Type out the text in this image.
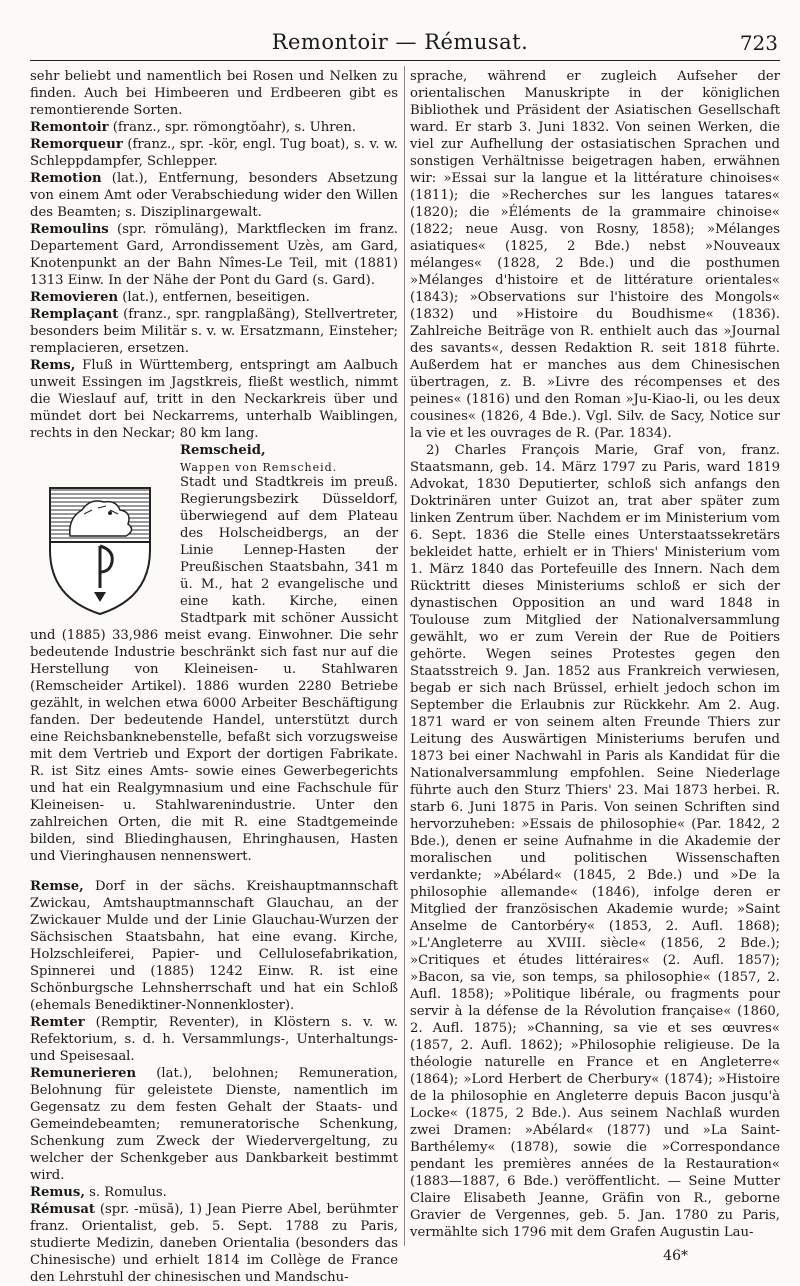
Remontoir — Rémusat.	723

sehr beliebt und namentlich bei Rosen und Nelken zu finden. Auch bei Himbeeren und Erdbeeren gibt es remontierende Sorten.

Remontoir (franz., spr. römongtŏahr), s. Uhren.

Remorqueur (franz., spr. -kör, engl. Tug boat), s. v. w. Schleppdampfer, Schlepper.

Remotion (lat.), Entfernung, besonders Absetzung von einem Amt oder Verabschiedung wider den Willen des Beamten; s. Disziplinargewalt.

Remoulins (spr. römuläng), Marktflecken im franz. Departement Gard, Arrondissement Uzès, am Gard, Knotenpunkt an der Bahn Nîmes-Le Teil, mit (1881) 1313 Einw. In der Nähe der Pont du Gard (s. Gard).

Removieren (lat.), entfernen, beseitigen.

Remplaçant (franz., spr. rangplaßäng), Stellvertreter, besonders beim Militär s. v. w. Ersatzmann, Einsteher; remplacieren, ersetzen.

Rems, Fluß in Württemberg, entspringt am Aalbuch unweit Essingen im Jagstkreis, fließt westlich, nimmt die Wieslauf auf, tritt in den Neckarkreis über und mündet dort bei Neckarrems, unterhalb Waiblingen, rechts in den Neckar; 80 km lang.

Remscheid,

Wappen von Remscheid.
Stadt und Stadtkreis im preuß. Regierungsbezirk Düsseldorf, überwiegend auf dem Plateau des Holscheidbergs, an der Linie Lennep-Hasten der Preußischen Staatsbahn, 341 m ü. M., hat 2 evangelische und eine kath. Kirche, einen Stadtpark mit schöner Aussicht und (1885) 33,986 meist evang. Einwohner. Die sehr bedeutende Industrie beschränkt sich fast nur auf die Herstellung von Kleineisen- u. Stahlwaren (Remscheider Artikel). 1886 wurden 2280 Betriebe gezählt, in welchen etwa 6000 Arbeiter Beschäftigung fanden. Der bedeutende Handel, unterstützt durch eine Reichsbanknebenstelle, befaßt sich vorzugsweise mit dem Vertrieb und Export der dortigen Fabrikate. R. ist Sitz eines Amts- sowie eines Gewerbegerichts und hat ein Realgymnasium und eine Fachschule für Kleineisen- u. Stahlwarenindustrie. Unter den zahlreichen Orten, die mit R. eine Stadtgemeinde bilden, sind Bliedinghausen, Ehringhausen, Hasten und Vieringhausen nennenswert.

Remse, Dorf in der sächs. Kreishauptmannschaft Zwickau, Amtshauptmannschaft Glauchau, an der Zwickauer Mulde und der Linie Glauchau-Wurzen der Sächsischen Staatsbahn, hat eine evang. Kirche, Holzschleiferei, Papier- und Cellulosefabrikation, Spinnerei und (1885) 1242 Einw. R. ist eine Schönburgsche Lehnsherrschaft und hat ein Schloß (ehemals Benediktiner-Nonnenkloster).

Remter (Remptir, Reventer), in Klöstern s. v. w. Refektorium, s. d. h. Versammlungs-, Unterhaltungs- und Speisesaal.

Remunerieren (lat.), belohnen; Remuneration, Belohnung für geleistete Dienste, namentlich im Gegensatz zu dem festen Gehalt der Staats- und Gemeindebeamten; remuneratorische Schenkung, Schenkung zum Zweck der Wiedervergeltung, zu welcher der Schenkgeber aus Dankbarkeit bestimmt wird.

Remus, s. Romulus.

Rémusat (spr. -müsă), 1) Jean Pierre Abel, berühmter franz. Orientalist, geb. 5. Sept. 1788 zu Paris, studierte Medizin, daneben Orientalia (besonders das Chinesische) und erhielt 1814 im Collège de France den Lehrstuhl der chinesischen und Mandschu-

sprache, während er zugleich Aufseher der orientalischen Manuskripte in der königlichen Bibliothek und Präsident der Asiatischen Gesellschaft ward. Er starb 3. Juni 1832. Von seinen Werken, die viel zur Aufhellung der ostasiatischen Sprachen und sonstigen Verhältnisse beigetragen haben, erwähnen wir: »Essai sur la langue et la littérature chinoises« (1811); die »Recherches sur les langues tatares« (1820); die »Éléments de la grammaire chinoise« (1822; neue Ausg. von Rosny, 1858); »Mélanges asiatiques« (1825, 2 Bde.) nebst »Nouveaux mélanges« (1828, 2 Bde.) und die posthumen »Mélanges d'histoire et de littérature orientales« (1843); »Observations sur l'histoire des Mongols« (1832) und »Histoire du Boudhisme« (1836). Zahlreiche Beiträge von R. enthielt auch das »Journal des savants«, dessen Redaktion R. seit 1818 führte. Außerdem hat er manches aus dem Chinesischen übertragen, z. B. »Livre des récompenses et des peines« (1816) und den Roman »Ju-Kiao-li, ou les deux cousines« (1826, 4 Bde.). Vgl. Silv. de Sacy, Notice sur la vie et les ouvrages de R. (Par. 1834).

2) Charles François Marie, Graf von, franz. Staatsmann, geb. 14. März 1797 zu Paris, ward 1819 Advokat, 1830 Deputierter, schloß sich anfangs den Doktrinären unter Guizot an, trat aber später zum linken Zentrum über. Nachdem er im Ministerium vom 6. Sept. 1836 die Stelle eines Unterstaatssekretärs bekleidet hatte, erhielt er in Thiers' Ministerium vom 1. März 1840 das Portefeuille des Innern. Nach dem Rücktritt dieses Ministeriums schloß er sich der dynastischen Opposition an und ward 1848 in Toulouse zum Mitglied der Nationalversammlung gewählt, wo er zum Verein der Rue de Poitiers gehörte. Wegen seines Protestes gegen den Staatsstreich 9. Jan. 1852 aus Frankreich verwiesen, begab er sich nach Brüssel, erhielt jedoch schon im September die Erlaubnis zur Rückkehr. Am 2. Aug. 1871 ward er von seinem alten Freunde Thiers zur Leitung des Auswärtigen Ministeriums berufen und 1873 bei einer Nachwahl in Paris als Kandidat für die Nationalversammlung empfohlen. Seine Niederlage führte auch den Sturz Thiers' 23. Mai 1873 herbei. R. starb 6. Juni 1875 in Paris. Von seinen Schriften sind hervorzuheben: »Essais de philosophie« (Par. 1842, 2 Bde.), denen er seine Aufnahme in die Akademie der moralischen und politischen Wissenschaften verdankte; »Abélard« (1845, 2 Bde.) und »De la philosophie allemande« (1846), infolge deren er Mitglied der französischen Akademie wurde; »Saint Anselme de Cantorbéry« (1853, 2. Aufl. 1868); »L'Angleterre au XVIII. siècle« (1856, 2 Bde.); »Critiques et études littéraires« (2. Aufl. 1857); »Bacon, sa vie, son temps, sa philosophie« (1857, 2. Aufl. 1858); »Politique libérale, ou fragments pour servir à la défense de la Révolution française« (1860, 2. Aufl. 1875); »Channing, sa vie et ses œuvres« (1857, 2. Aufl. 1862); »Philosophie religieuse. De la théologie naturelle en France et en Angleterre« (1864); »Lord Herbert de Cherbury« (1874); »Histoire de la philosophie en Angleterre depuis Bacon jusqu'à Locke« (1875, 2 Bde.). Aus seinem Nachlaß wurden zwei Dramen: »Abélard« (1877) und »La Saint-Barthélemy« (1878), sowie die »Correspondance pendant les premières années de la Restauration« (1883—1887, 6 Bde.) veröffentlicht. — Seine Mutter Claire Elisabeth Jeanne, Gräfin von R., geborne Gravier de Vergennes, geb. 5. Jan. 1780 zu Paris, vermählte sich 1796 mit dem Grafen Augustin Lau-

46*
